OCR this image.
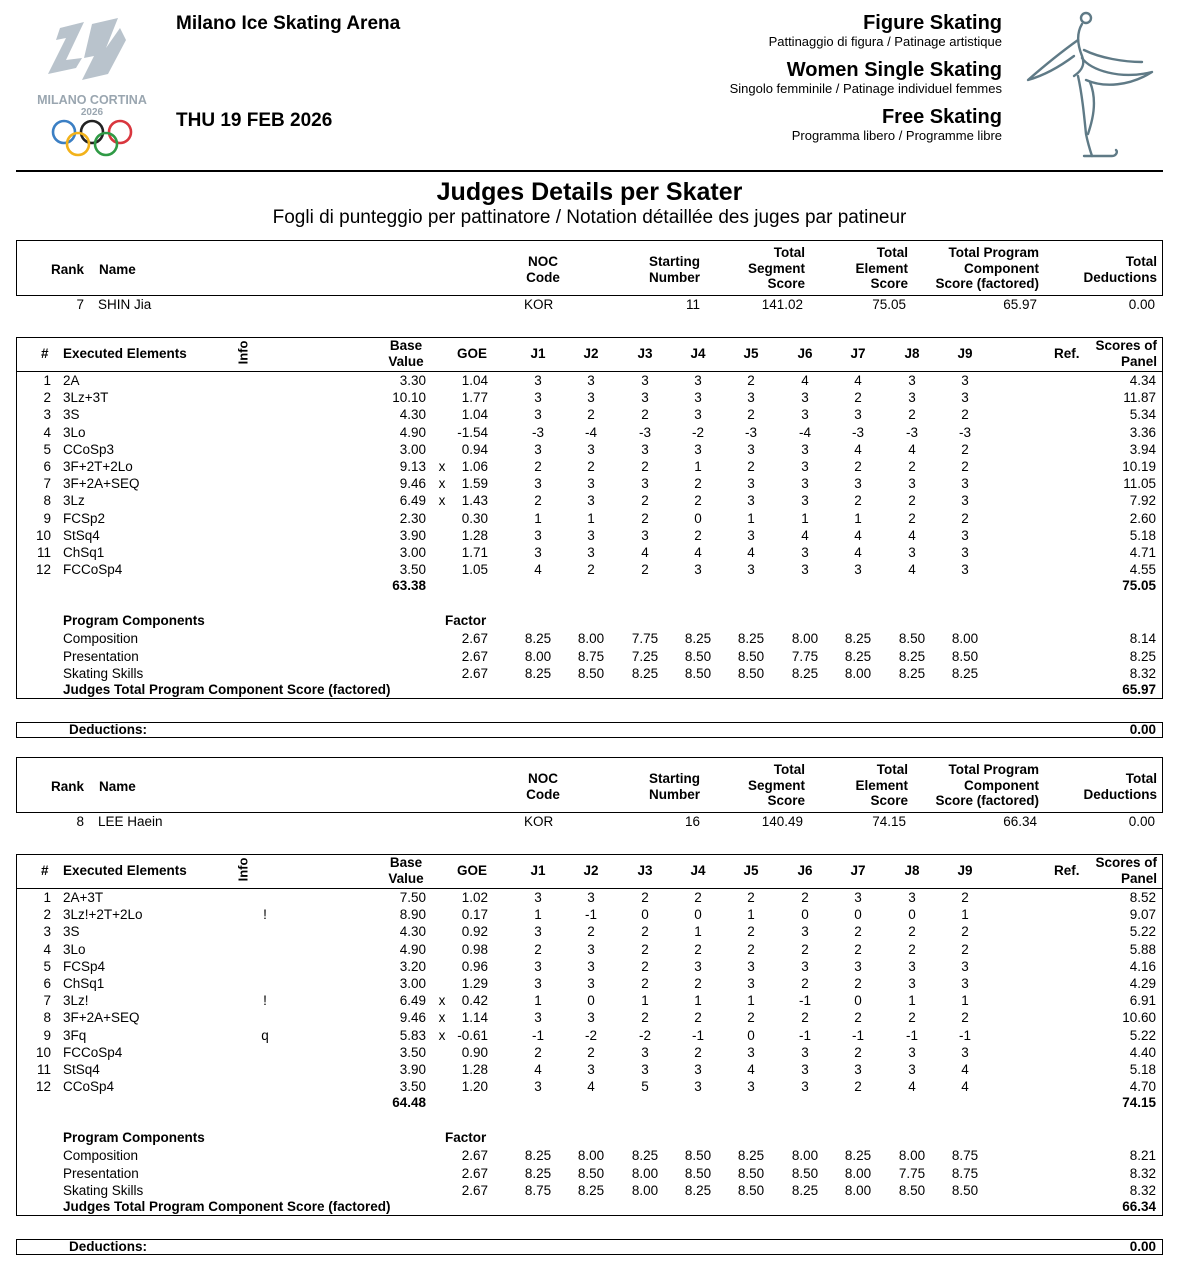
MILANO CORTINA
2026
Milano Ice Skating Arena
THU 19 FEB 2026
Figure Skating
Pattinaggio di figura / Patinage artistique
Women Single Skating
Singolo femminile / Patinage individuel femmes
Free Skating
Programma libero / Programme libre
Judges Details per Skater
Fogli di punteggio per pattinatore / Notation détaillée des juges par patineur
Rank Name
NOC
Code
Starting
Number
Total
Segment
Score
Total
Element
Score
Total Program
Component
Score (factored)
Total
Deductions
7 SHIN Jia	KOR	11	141.02	75.05	65.97	0.00
# Executed Elements	Info	Base
Value	GOE	J1	J2	J3	J4	J5	J6	J7	J8	J9	Ref.
Scores of
Panel
1 2A	3.30	1.04	3	3	3	3	2	4	4	3	3	4.34
2 3Lz+3T	10.10	1.77	3	3	3	3	3	3	2	3	3	11.87
3 3S	4.30	1.04	3	2	2	3	2	3	3	2	2	5.34
4 3Lo	4.90	-1.54	-3	-4	-3	-2	-3	-4	-3	-3	-3	3.36
5 CCoSp3	3.00	0.94	3	3	3	3	3	3	4	4	2	3.94
6 3F+2T+2Lo	9.13 x	1.06	2	2	2	1	2	3	2	2	2	10.19
7 3F+2A+SEQ	9.46 x	1.59	3	3	3	2	3	3	3	3	3	11.05
8 3Lz	6.49 x	1.43	2	3	2	2	3	3	2	2	3	7.92
9 FCSp2	2.30	0.30	1	1	2	0	1	1	1	2	2	2.60
10 StSq4	3.90	1.28	3	3	3	2	3	4	4	4	3	5.18
11 ChSq1	3.00	1.71	3	3	4	4	4	3	4	3	3	4.71
12 FCCoSp4	3.50	1.05	4	2	2	3	3	3	3	4	3	4.55
63.38	75.05
Program Components	Factor
Composition	2.67	8.25	8.00	7.75	8.25	8.25	8.00	8.25	8.50	8.00	8.14
Presentation	2.67	8.00	8.75	7.25	8.50	8.50	7.75	8.25	8.25	8.50	8.25
Skating Skills	2.67	8.25	8.50	8.25	8.50	8.50	8.25	8.00	8.25	8.25	8.32
Judges Total Program Component Score (factored)	65.97
Deductions:	0.00
Rank Name
NOC
Code
Starting
Number
Total
Segment
Score
Total
Element
Score
Total Program
Component
Score (factored)
Total
Deductions
8 LEE Haein	KOR	16	140.49	74.15	66.34	0.00
# Executed Elements	Info	Base
Value	GOE	J1	J2	J3	J4	J5	J6	J7	J8	J9	Ref.
Scores of
Panel
1 2A+3T	7.50	1.02	3	3	2	2	2	2	3	3	2	8.52
2 3Lz!+2T+2Lo	!	8.90	0.17	1	-1	0	0	1	0	0	0	1	9.07
3 3S	4.30	0.92	3	2	2	1	2	3	2	2	2	5.22
4 3Lo	4.90	0.98	2	3	2	2	2	2	2	2	2	5.88
5 FCSp4	3.20	0.96	3	3	2	3	3	3	3	3	3	4.16
6 ChSq1	3.00	1.29	3	3	2	2	3	2	2	3	3	4.29
7 3Lz!	!	6.49 x	0.42	1	0	1	1	1	-1	0	1	1	6.91
8 3F+2A+SEQ	9.46 x	1.14	3	3	2	2	2	2	2	2	2	10.60
9 3Fq	q	5.83 x -0.61	-1	-2	-2	-1	0	-1	-1	-1	-1	5.22
10 FCCoSp4	3.50	0.90	2	2	3	2	3	3	2	3	3	4.40
11 StSq4	3.90	1.28	4	3	3	3	4	3	3	3	4	5.18
12 CCoSp4	3.50	1.20	3	4	5	3	3	3	2	4	4	4.70
64.48	74.15
Program Components	Factor
Composition	2.67	8.25	8.00	8.25	8.50	8.25	8.00	8.25	8.00	8.75	8.21
Presentation	2.67	8.25	8.50	8.00	8.50	8.50	8.50	8.00	7.75	8.75	8.32
Skating Skills	2.67	8.75	8.25	8.00	8.25	8.50	8.25	8.00	8.50	8.50	8.32
Judges Total Program Component Score (factored)	66.34
Deductions:	0.00
